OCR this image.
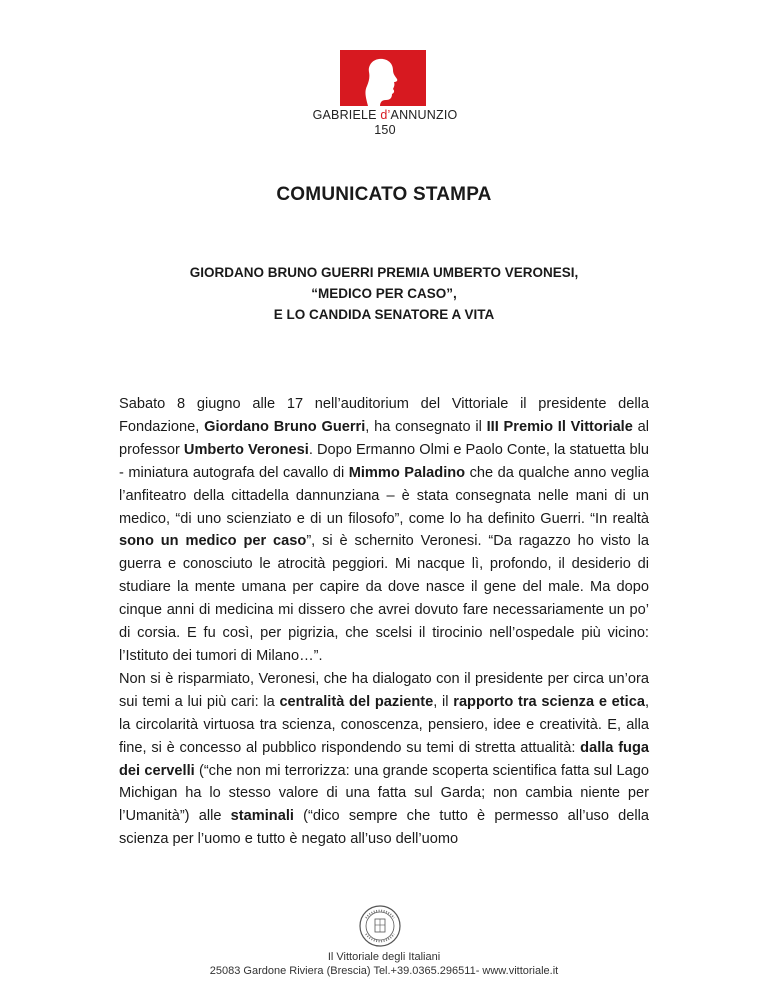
GABRIELE d’ANNUNZIO
150
COMUNICATO STAMPA
GIORDANO BRUNO GUERRI PREMIA UMBERTO VERONESI,
“MEDICO PER CASO”,
E LO CANDIDA SENATORE A VITA

Sabato 8 giugno alle 17 nell’auditorium del Vittoriale il presidente della Fondazione, Giordano Bruno Guerri, ha consegnato il III Premio Il Vittoriale al professor Umberto Veronesi. Dopo Ermanno Olmi e Paolo Conte, la statuetta blu - miniatura autografa del cavallo di Mimmo Paladino che da qualche anno veglia l’anfiteatro della cittadella dannunziana – è stata consegnata nelle mani di un medico, “di uno scienziato e di un filosofo”, come lo ha definito Guerri. “In realtà sono un medico per caso”, si è schernito Veronesi. “Da ragazzo ho visto la guerra e conosciuto le atrocità peggiori. Mi nacque lì, profondo, il desiderio di studiare la mente umana per capire da dove nasce il gene del male. Ma dopo cinque anni di medicina mi dissero che avrei dovuto fare necessariamente un po’ di corsia. E fu così, per pigrizia, che scelsi il tirocinio nell’ospedale più vicino: l’Istituto dei tumori di Milano…”.

Non si è risparmiato, Veronesi, che ha dialogato con il presidente per circa un’ora sui temi a lui più cari: la centralità del paziente, il rapporto tra scienza e etica, la circolarità virtuosa tra scienza, conoscenza, pensiero, idee e creatività. E, alla fine, si è concesso al pubblico rispondendo su temi di stretta attualità: dalla fuga dei cervelli (“che non mi terrorizza: una grande scoperta scientifica fatta sul Lago Michigan ha lo stesso valore di una fatta sul Garda; non cambia niente per l’Umanità”) alle staminali (“dico sempre che tutto è permesso all’uso della scienza per l’uomo e tutto è negato all’uso dell’uomo

Il Vittoriale degli Italiani
25083 Gardone Riviera (Brescia) Tel.+39.0365.296511- www.vittoriale.it
